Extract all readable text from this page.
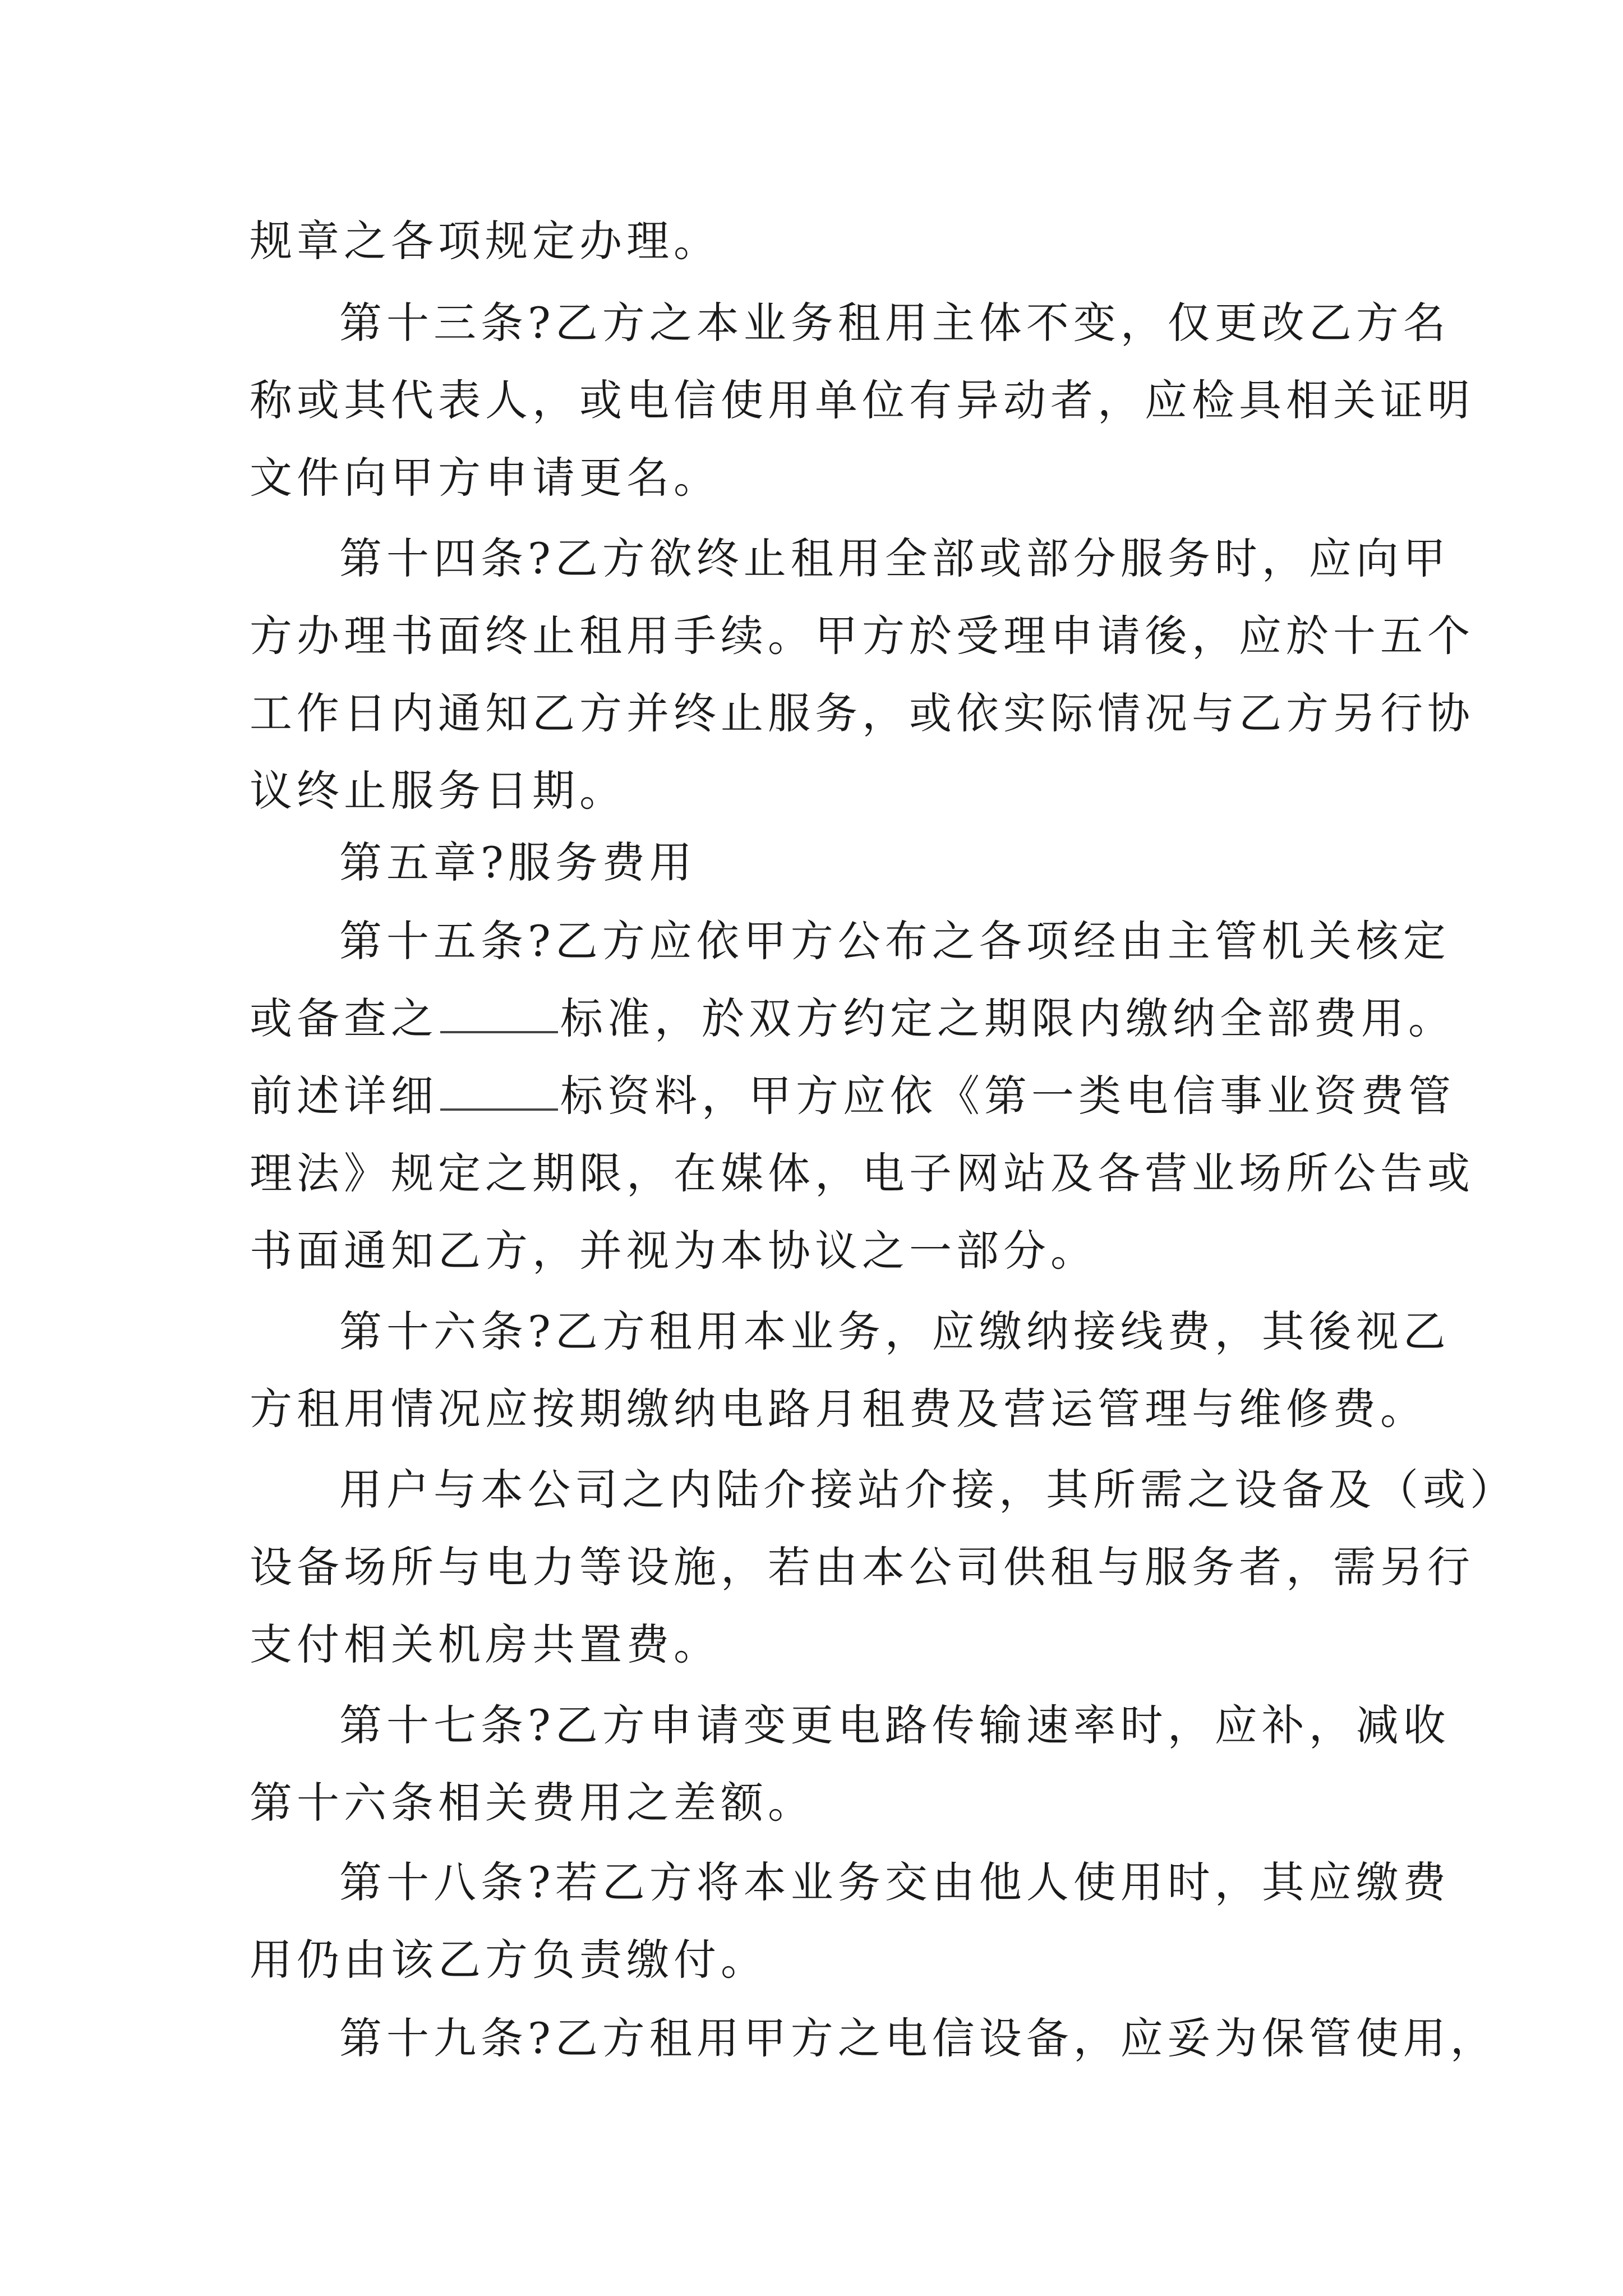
规章之各项规定办理。

第十三条?乙方之本业务租用主体不变，仅更改乙方名

称或其代表人，或电信使用单位有异动者，应检具相关证明

文件向甲方申请更名。

第十四条?乙方欲终止租用全部或部分服务时，应向甲

方办理书面终止租用手续。甲方於受理申请後，应於十五个

工作日内通知乙方并终止服务，或依实际情况与乙方另行协

议终止服务日期。

第五章?服务费用

第十五条?乙方应依甲方公布之各项经由主管机关核定

或备查之	标准，於双方约定之期限内缴纳全部费用。

前述详细	标资料，甲方应依《第一类电信事业资费管

理法》规定之期限，在媒体，电子网站及各营业场所公告或

书面通知乙方，并视为本协议之一部分。

第十六条?乙方租用本业务，应缴纳接线费，其後视乙

方租用情况应按期缴纳电路月租费及营运管理与维修费。

用户与本公司之内陆介接站介接，其所需之设备及（或）

设备场所与电力等设施，若由本公司供租与服务者，需另行

支付相关机房共置费。

第十七条?乙方申请变更电路传输速率时，应补，减收

第十六条相关费用之差额。

第十八条?若乙方将本业务交由他人使用时，其应缴费

用仍由该乙方负责缴付。

第十九条?乙方租用甲方之电信设备，应妥为保管使用，
